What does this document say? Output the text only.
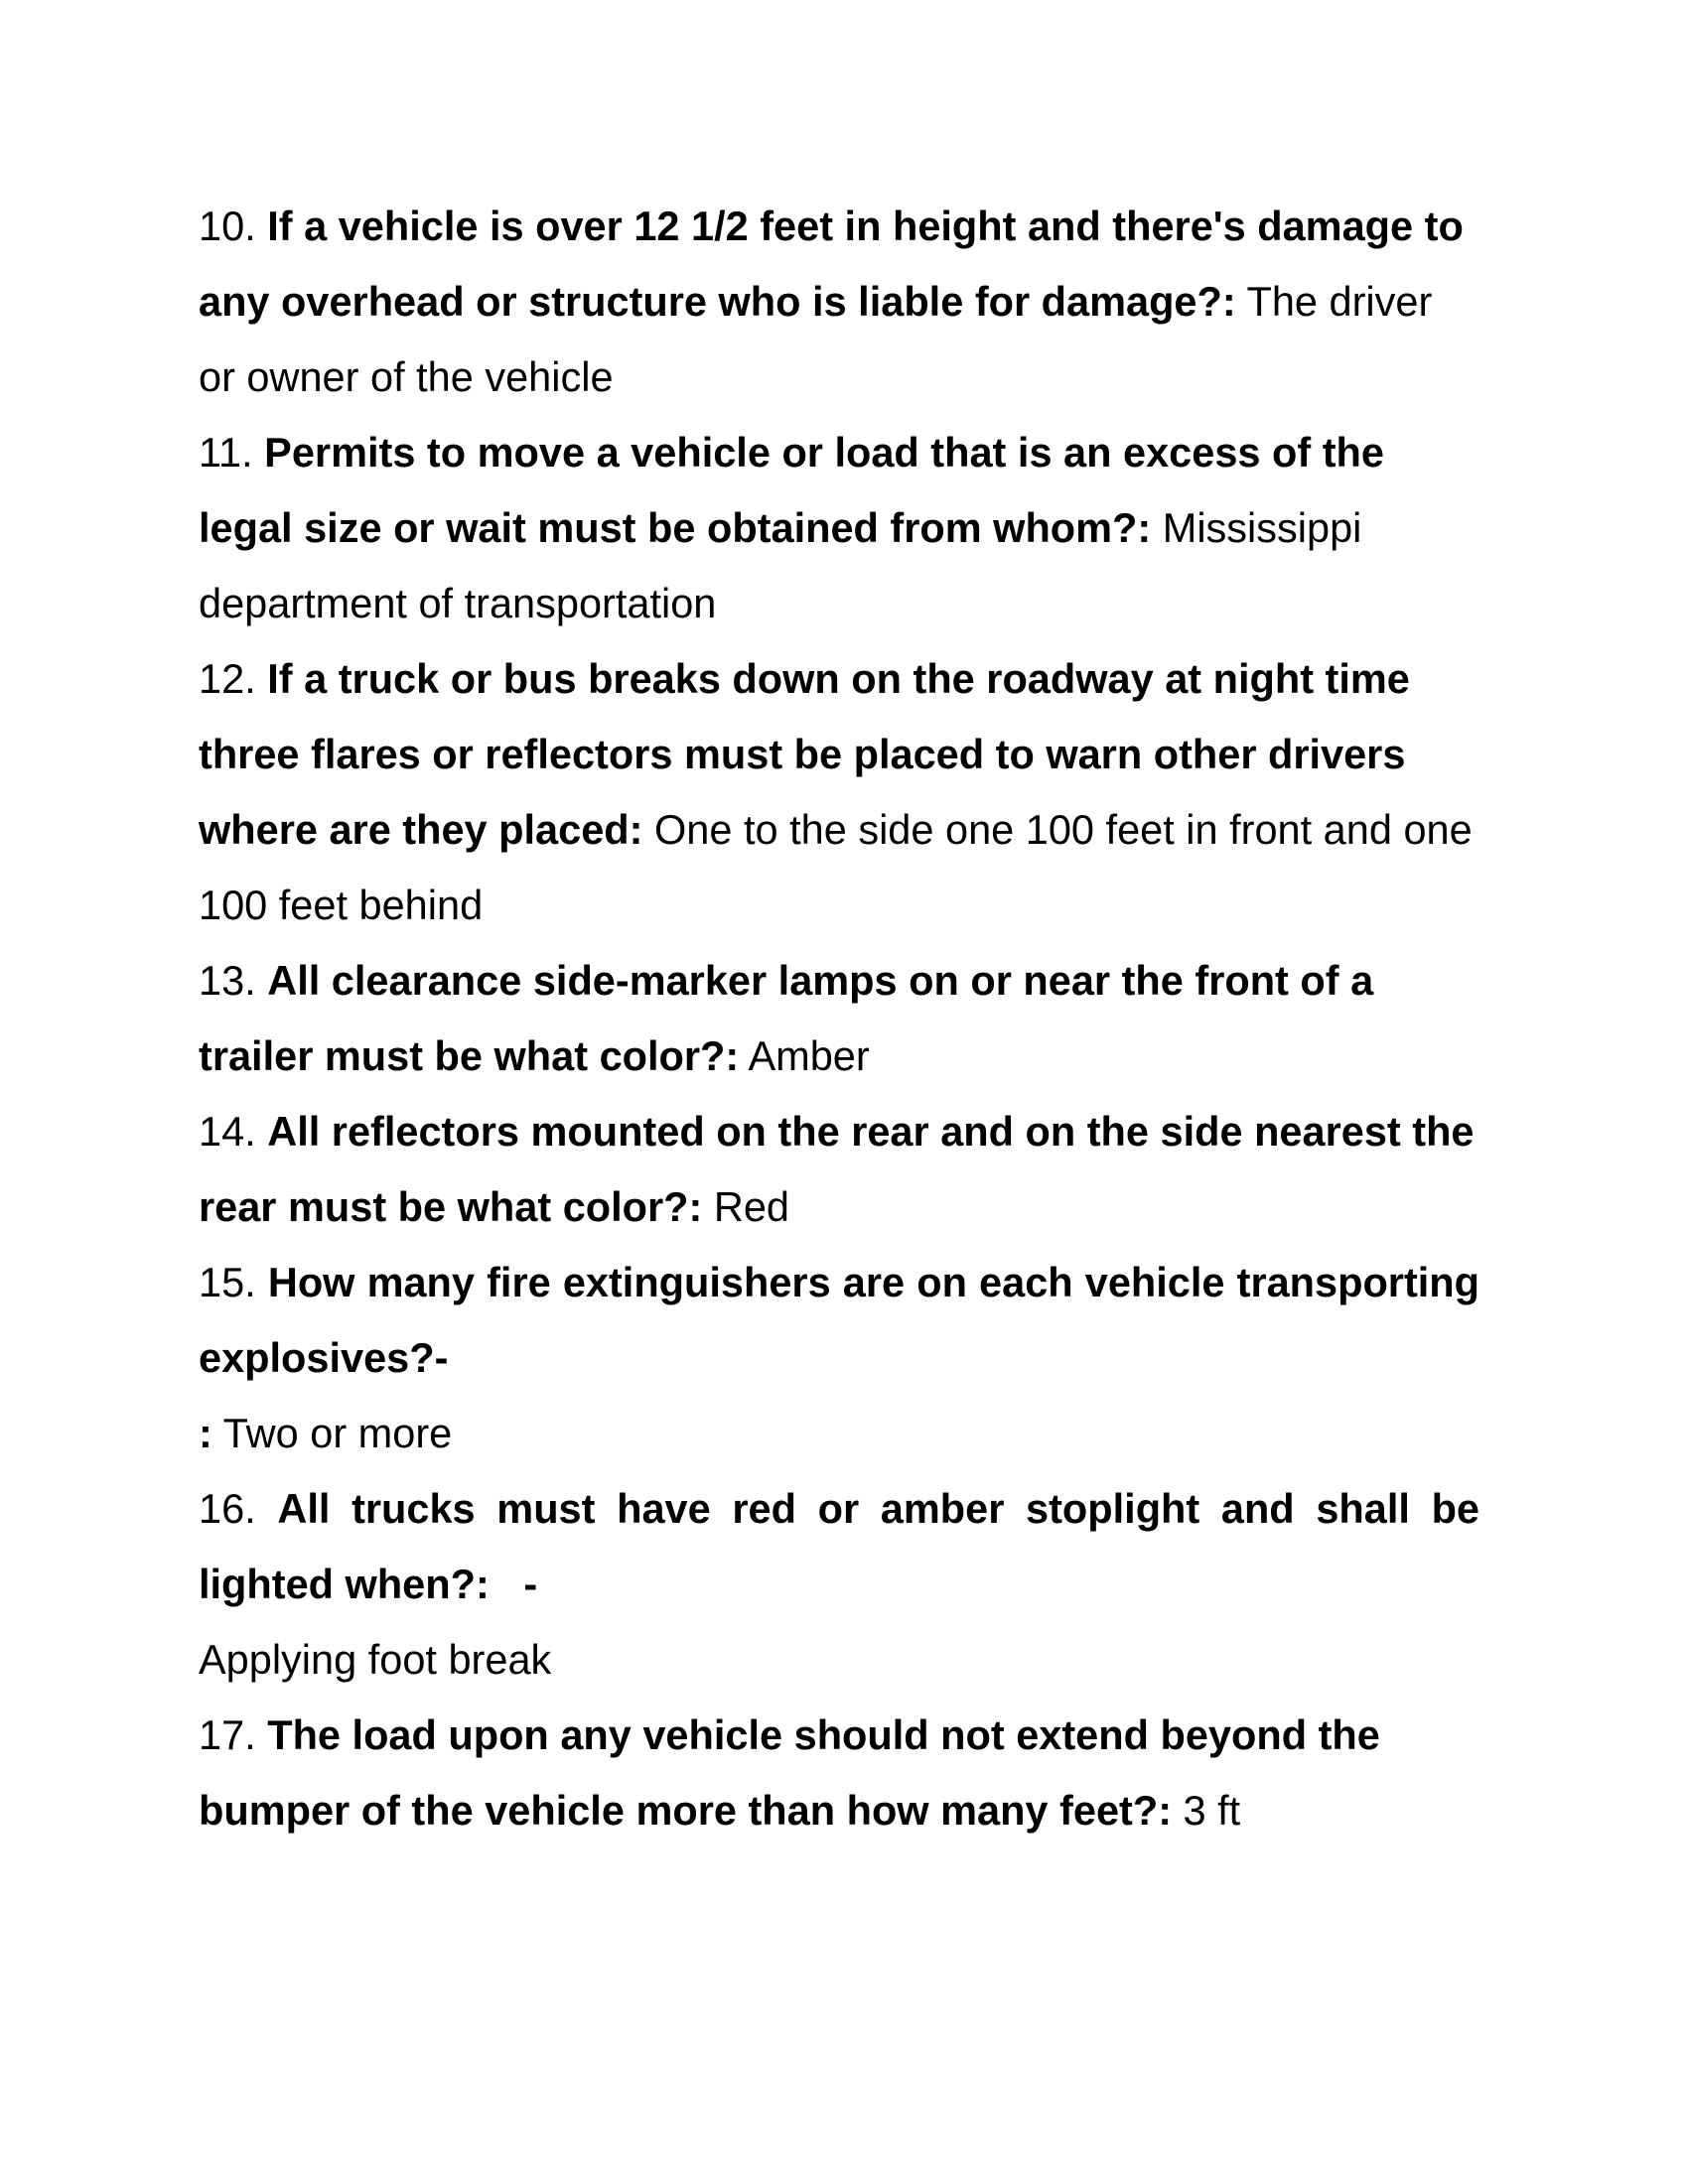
10. If a vehicle is over 12 1/2 feet in height and there's damage to any overhead or structure who is liable for damage?: The driver or owner of the vehicle

11. Permits to move a vehicle or load that is an excess of the legal size or wait must be obtained from whom?: Mississippi department of transportation

12. If a truck or bus breaks down on the roadway at night time three flares or reflectors must be placed to warn other drivers where are they placed: One to the side one 100 feet in front and one 100 feet behind

13. All clearance side-marker lamps on or near the front of a trailer must be what color?: Amber

14. All reflectors mounted on the rear and on the side nearest the rear must be what color?: Red

15. How many fire extinguishers are on each vehicle transporting explosives?-

: Two or more

16. All trucks must have red or amber stoplight and shall be lighted when?: -
Applying foot break

17. The load upon any vehicle should not extend beyond the bumper of the vehicle more than how many feet?: 3 ft
